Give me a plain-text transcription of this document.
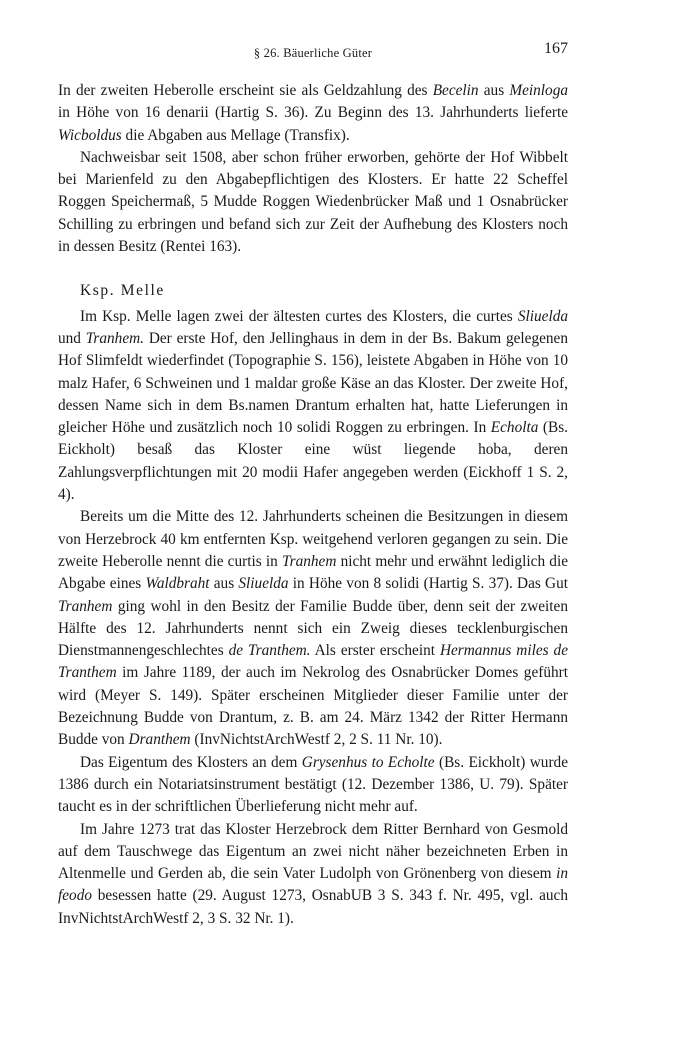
§ 26. Bäuerliche Güter	167

In der zweiten Heberolle erscheint sie als Geldzahlung des Becelin aus Meinloga in Höhe von 16 denarii (Hartig S. 36). Zu Beginn des 13. Jahrhunderts lieferte Wicboldus die Abgaben aus Mellage (Transfix).

Nachweisbar seit 1508, aber schon früher erworben, gehörte der Hof Wibbelt bei Marienfeld zu den Abgabepflichtigen des Klosters. Er hatte 22 Scheffel Roggen Speichermaß, 5 Mudde Roggen Wiedenbrücker Maß und 1 Osnabrücker Schilling zu erbringen und befand sich zur Zeit der Aufhebung des Klosters noch in dessen Besitz (Rentei 163).

Ksp. Melle

Im Ksp. Melle lagen zwei der ältesten curtes des Klosters, die curtes Sliuelda und Tranhem. Der erste Hof, den Jellinghaus in dem in der Bs. Bakum gelegenen Hof Slimfeldt wiederfindet (Topographie S. 156), leistete Abgaben in Höhe von 10 malz Hafer, 6 Schweinen und 1 maldar große Käse an das Kloster. Der zweite Hof, dessen Name sich in dem Bs.namen Drantum erhalten hat, hatte Lieferungen in gleicher Höhe und zusätzlich noch 10 solidi Roggen zu erbringen. In Echolta (Bs. Eickholt) besaß das Kloster eine wüst liegende hoba, deren Zahlungsverpflichtungen mit 20 modii Hafer angegeben werden (Eickhoff 1 S. 2, 4).

Bereits um die Mitte des 12. Jahrhunderts scheinen die Besitzungen in diesem von Herzebrock 40 km entfernten Ksp. weitgehend verloren gegangen zu sein. Die zweite Heberolle nennt die curtis in Tranhem nicht mehr und erwähnt lediglich die Abgabe eines Waldbraht aus Sliuelda in Höhe von 8 solidi (Hartig S. 37). Das Gut Tranhem ging wohl in den Besitz der Familie Budde über, denn seit der zweiten Hälfte des 12. Jahrhunderts nennt sich ein Zweig dieses tecklenburgischen Dienstmannengeschlechtes de Tranthem. Als erster erscheint Hermannus miles de Tranthem im Jahre 1189, der auch im Nekrolog des Osnabrücker Domes geführt wird (Meyer S. 149). Später erscheinen Mitglieder dieser Familie unter der Bezeichnung Budde von Drantum, z. B. am 24. März 1342 der Ritter Hermann Budde von Dranthem (InvNichtstArchWestf 2, 2 S. 11 Nr. 10).

Das Eigentum des Klosters an dem Grysenhus to Echolte (Bs. Eickholt) wurde 1386 durch ein Notariatsinstrument bestätigt (12. Dezember 1386, U. 79). Später taucht es in der schriftlichen Überlieferung nicht mehr auf.

Im Jahre 1273 trat das Kloster Herzebrock dem Ritter Bernhard von Gesmold auf dem Tauschwege das Eigentum an zwei nicht näher bezeichneten Erben in Altenmelle und Gerden ab, die sein Vater Ludolph von Grönenberg von diesem in feodo besessen hatte (29. August 1273, OsnabUB 3 S. 343 f. Nr. 495, vgl. auch InvNichtstArchWestf 2, 3 S. 32 Nr. 1).
